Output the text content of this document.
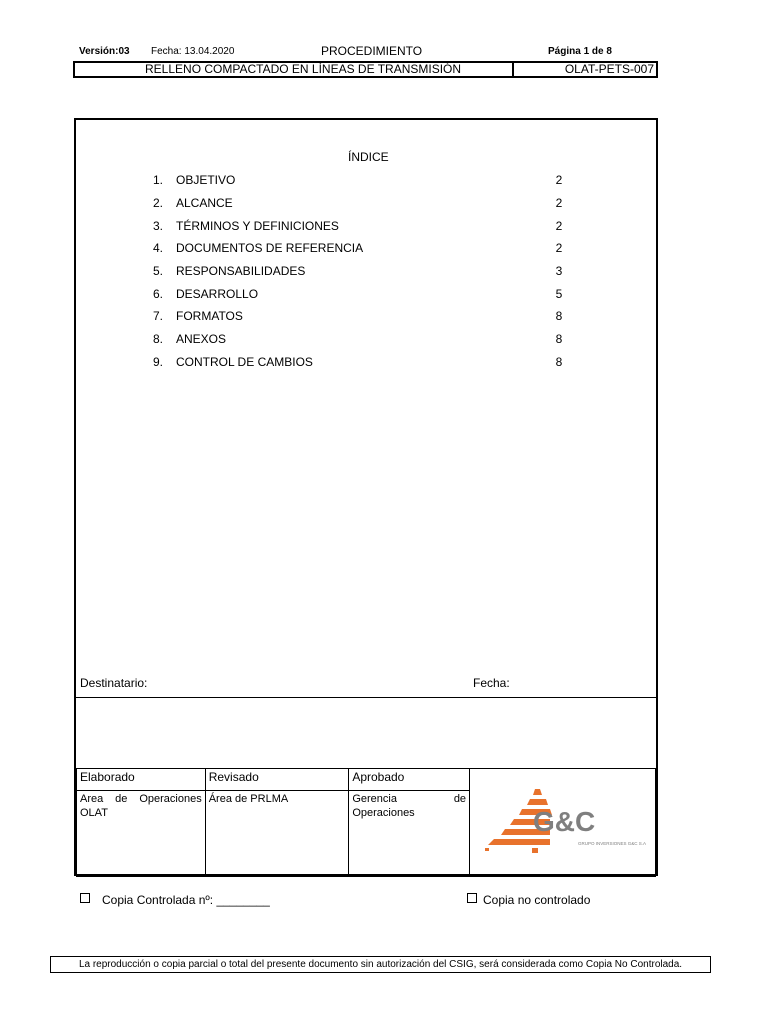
Versión:03 Fecha: 13.04.2020	PROCEDIMIENTO	Página 1 de 8
RELLENO COMPACTADO EN LÍNEAS DE TRANSMISIÓN	OLAT-PETS-007
ÍNDICE
1.	OBJETIVO	2
2.	ALCANCE	2
3.	TÉRMINOS Y DEFINICIONES	2
4.	DOCUMENTOS DE REFERENCIA	2
5.	RESPONSABILIDADES	3
6.	DESARROLLO	5
7.	FORMATOS	8
8.	ANEXOS	8
9.	CONTROL DE CAMBIOS	8
Destinatario:	Fecha:
Elaborado	Revisado	Aprobado	G&C
GRUPO INVERSIONES G&C S.A.C.

Area de Operaciones OLAT	Área de PRLMA	Gerencia de Operaciones	
Copia Controlada nº: ________	Copia no controlado
La reproducción o copia parcial o total del presente documento sin autorización del CSIG, será considerada como Copia No Controlada.
